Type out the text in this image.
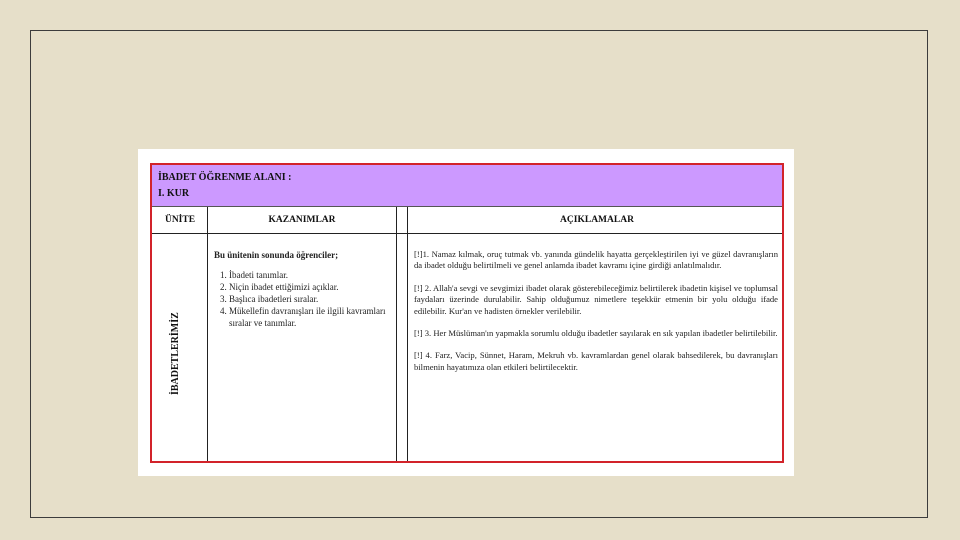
İBADET ÖĞRENME ALANI :
I. KUR
ÜNİTE	KAZANIMLAR	AÇIKLAMALAR
İBADETLERİMİZ
Bu ünitenin sonunda öğrenciler;
1. İbadeti tanımlar.
2. Niçin ibadet ettiğimizi açıklar.
3. Başlıca ibadetleri sıralar.
4. Mükellefin davranışları ile ilgili kavramları sıralar ve tanımlar.

[!]1. Namaz kılmak, oruç tutmak vb. yanında gündelik hayatta gerçekleştirilen iyi ve güzel davranışların da ibadet olduğu belirtilmeli ve genel anlamda ibadet kavramı içine girdiği anlatılmalıdır.

[!] 2. Allah'a sevgi ve sevgimizi ibadet olarak gösterebileceğimiz belirtilerek ibadetin kişisel ve toplumsal faydaları üzerinde durulabilir. Sahip olduğumuz nimetlere teşekkür etmenin bir yolu olduğu ifade edilebilir. Kur'an ve hadisten örnekler verilebilir.

[!] 3. Her Müslüman'ın yapmakla sorumlu olduğu ibadetler sayılarak en sık yapılan ibadetler belirtilebilir.

[!] 4. Farz, Vacip, Sünnet, Haram, Mekruh vb. kavramlardan genel olarak bahsedilerek, bu davranışları bilmenin hayatımıza olan etkileri belirtilecektir.
